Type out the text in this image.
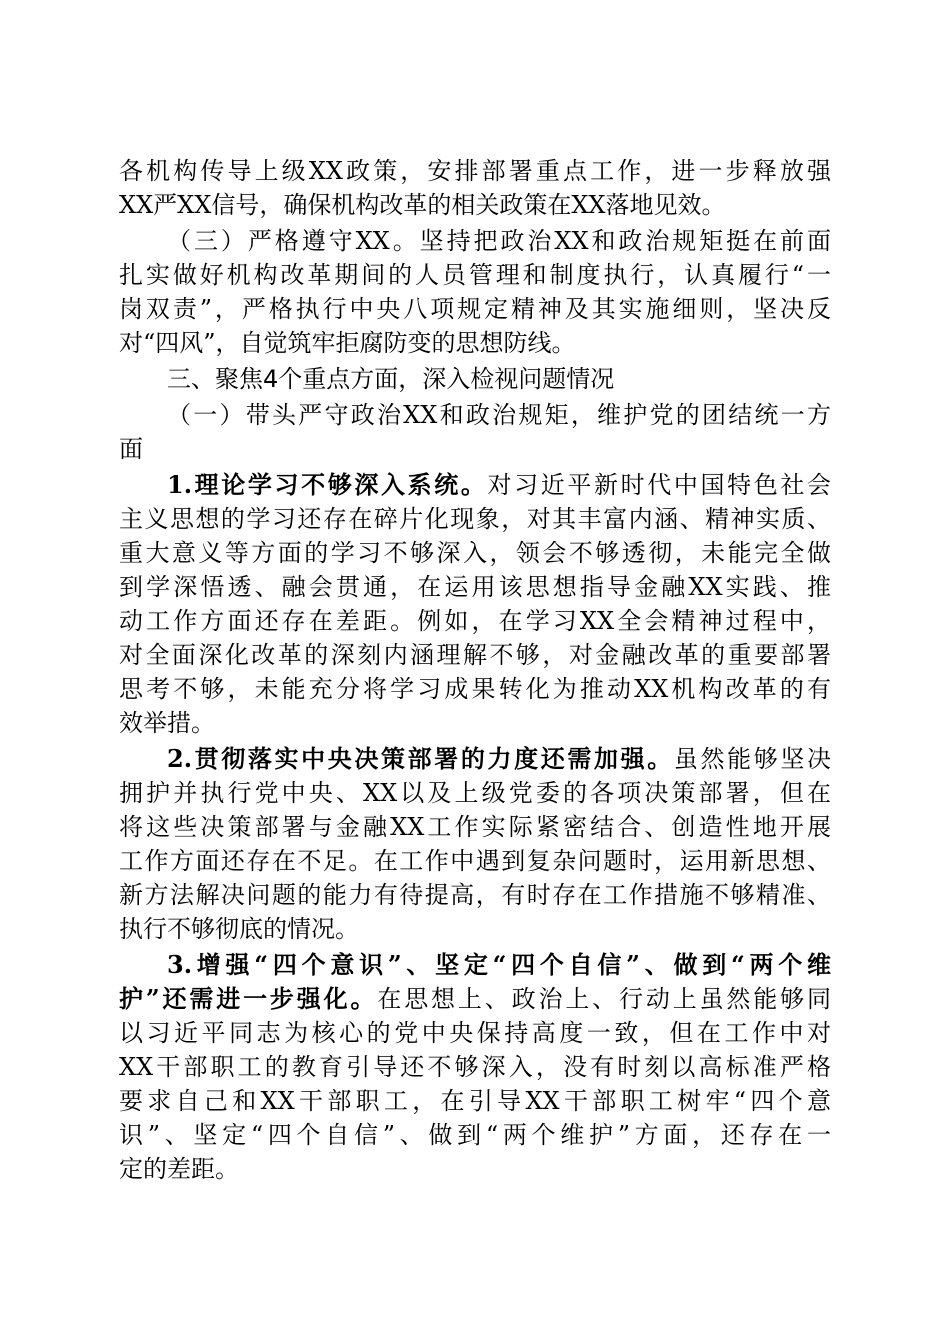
各机构传导上级XX政策，安排部署重点工作，进一步释放强
XX严XX信号，确保机构改革的相关政策在XX落地见效。
（三）严格遵守XX。坚持把政治XX和政治规矩挺在前面
扎实做好机构改革期间的人员管理和制度执行，认真履行“一
岗双责”，严格执行中央八项规定精神及其实施细则，坚决反
对“四风”，自觉筑牢拒腐防变的思想防线。
三、聚焦4个重点方面，深入检视问题情况
（一）带头严守政治XX和政治规矩，维护党的团结统一方
面
1.理论学习不够深入系统。对习近平新时代中国特色社会
主义思想的学习还存在碎片化现象，对其丰富内涵、精神实质、
重大意义等方面的学习不够深入，领会不够透彻，未能完全做
到学深悟透、融会贯通，在运用该思想指导金融XX实践、推
动工作方面还存在差距。例如，在学习XX全会精神过程中，
对全面深化改革的深刻内涵理解不够，对金融改革的重要部署
思考不够，未能充分将学习成果转化为推动XX机构改革的有
效举措。
2.贯彻落实中央决策部署的力度还需加强。虽然能够坚决
拥护并执行党中央、XX以及上级党委的各项决策部署，但在
将这些决策部署与金融XX工作实际紧密结合、创造性地开展
工作方面还存在不足。在工作中遇到复杂问题时，运用新思想、
新方法解决问题的能力有待提高，有时存在工作措施不够精准、
执行不够彻底的情况。
3.增强“四个意识”、坚定“四个自信”、做到“两个维
护”还需进一步强化。在思想上、政治上、行动上虽然能够同
以习近平同志为核心的党中央保持高度一致，但在工作中对
XX干部职工的教育引导还不够深入，没有时刻以高标准严格
要求自己和XX干部职工，在引导XX干部职工树牢“四个意
识”、坚定“四个自信”、做到“两个维护”方面，还存在一
定的差距。
